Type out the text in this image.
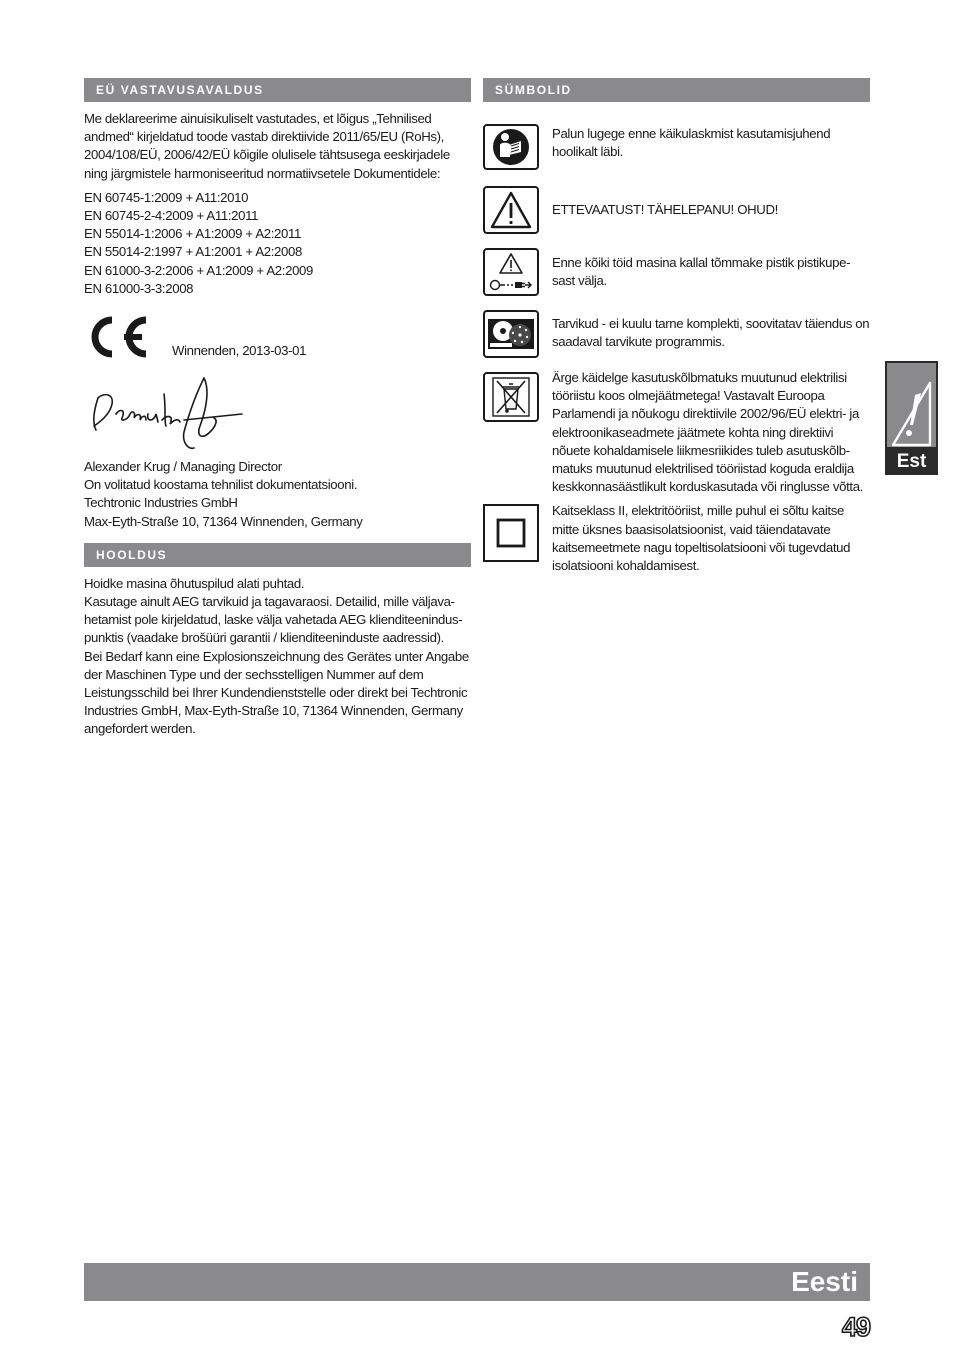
EÜ VASTAVUSAVALDUS

Me deklareerime ainuisikuliselt vastutades, et lõigus „Tehnilised andmed“ kirjeldatud toode vastab direktiivide 2011/65/EU (RoHs), 2004/108/EÜ, 2006/42/EÜ kõigile olulisele tähtsusega eeskirjadele ning järgmistele harmoniseeritud normatiivsetele Dokumentidele:

EN 60745-1:2009 + A11:2010
EN 60745-2-4:2009 + A11:2011
EN 55014-1:2006 + A1:2009 + A2:2011
EN 55014-2:1997 + A1:2001 + A2:2008
EN 61000-3-2:2006 + A1:2009 + A2:2009
EN 61000-3-3:2008
Winnenden, 2013-03-01

Alexander Krug / Managing Director

On volitatud koostama tehnilist dokumentatsiooni.

Techtronic Industries GmbH

Max-Eyth-Straße 10, 71364 Winnenden, Germany

HOOLDUS

Hoidke masina õhutuspilud alati puhtad.

Kasutage ainult AEG tarvikuid ja tagavaraosi. Detailid, mille väljava-hetamist pole kirjeldatud, laske välja vahetada AEG klienditeenindus-punktis (vaadake brošüüri garantii / klienditeeninduste aadressid).

Bei Bedarf kann eine Explosionszeichnung des Gerätes unter Angabe der Maschinen Type und der sechsstelligen Nummer auf dem Leistungsschild bei Ihrer Kundendienststelle oder direkt bei Techtronic Industries GmbH, Max-Eyth-Straße 10, 71364 Winnenden, Germany angefordert werden.

SÜMBOLID
Palun lugege enne käikulaskmist kasutamisjuhend hoolikalt läbi.
ETTEVAATUST! TÄHELEPANU! OHUD!
Enne kõiki töid masina kallal tõmmake pistik pistikupe-sast välja.
Tarvikud - ei kuulu tarne komplekti, soovitatav täiendus on saadaval tarvikute programmis.
Ärge käidelge kasutuskõlbmatuks muutunud elektrilisi tööriistu koos olmejäätmetega! Vastavalt Euroopa Parlamendi ja nõukogu direktiivile 2002/96/EÜ elektri- ja elektroonikaseadmete jäätmete kohta ning direktiivi nõuete kohaldamisele liikmesriikides tuleb asutuskõlb-matuks muutunud elektrilised tööriistad koguda eraldija keskkonnasäästlikult korduskasutada või ringlusse võtta.
Kaitseklass II, elektritööriist, mille puhul ei sõltu kaitse mitte üksnes baasisolatsioonist, vaid täiendatavate kaitsemeetmete nagu topeltisolatsiooni või tugevdatud isolatsiooni kohaldamisest.
Est
Eesti
49
